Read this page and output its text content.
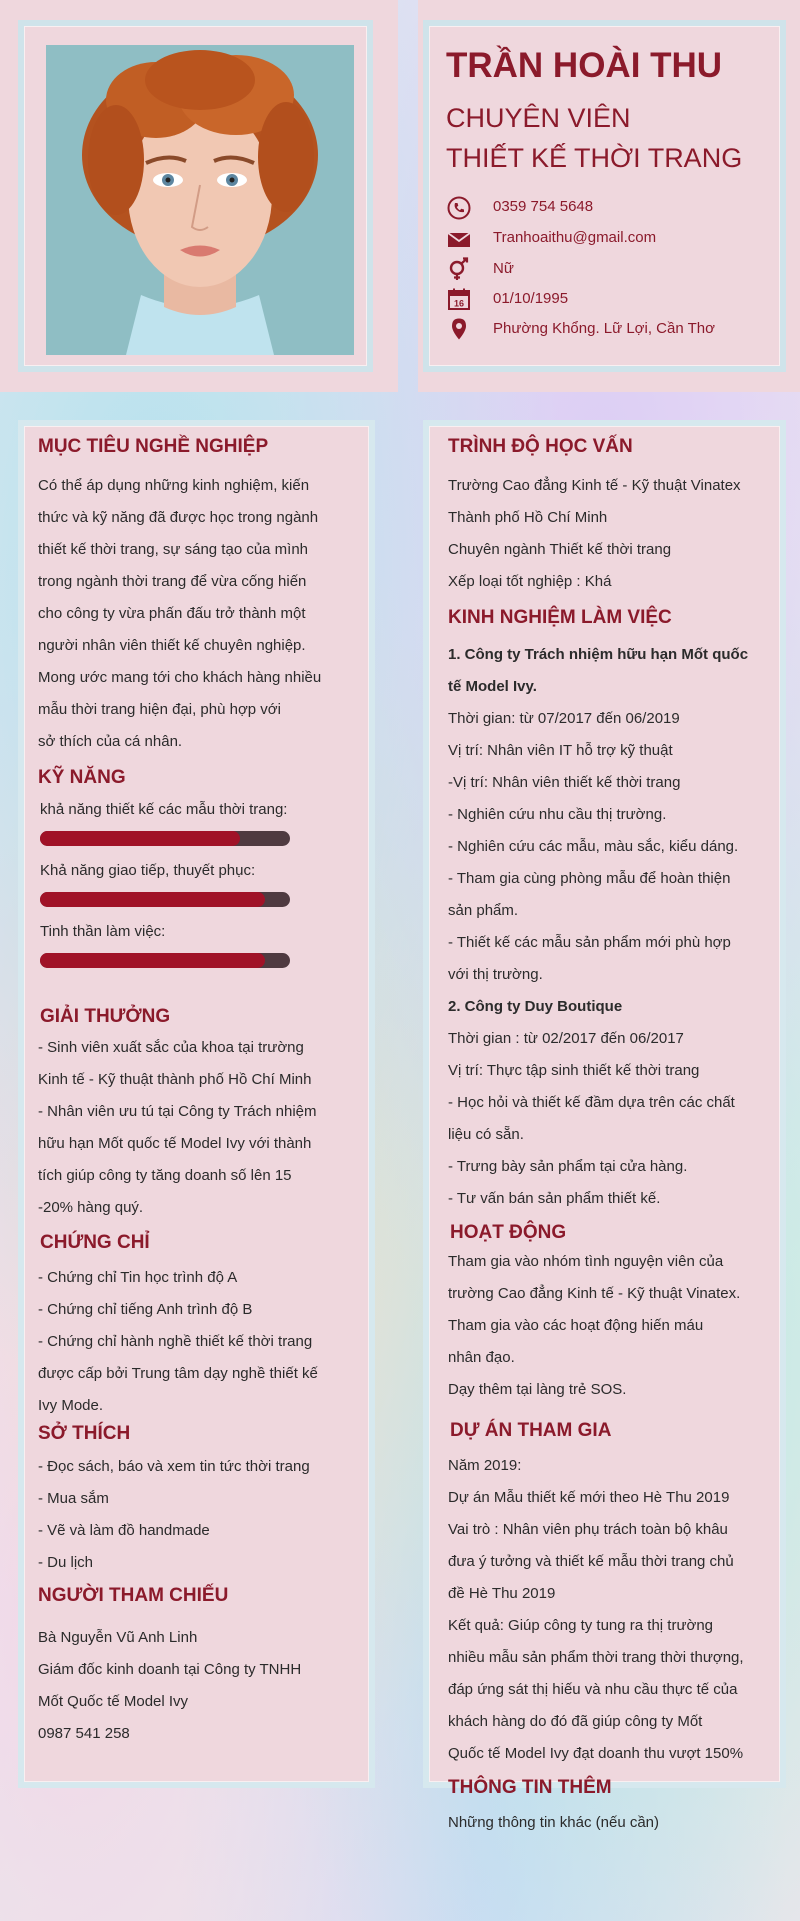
TRẦN HOÀI THU
CHUYÊN VIÊN
THIẾT KẾ THỜI TRANG
0359 754 5648
Tranhoaithu@gmail.com
Nữ
16 01/10/1995
Phường Khổng. Lữ Lợi, Cần Thơ
MỤC TIÊU NGHỀ NGHIỆP
Có thể áp dụng những kinh nghiệm, kiến
thức và kỹ năng đã được học trong ngành
thiết kế thời trang, sự sáng tạo của mình
trong ngành thời trang để vừa cống hiến
cho công ty vừa phấn đấu trở thành một
người nhân viên thiết kế chuyên nghiệp.
Mong ước mang tới cho khách hàng nhiều
mẫu thời trang hiện đại, phù hợp với
sở thích của cá nhân.
KỸ NĂNG
khả năng thiết kế các mẫu thời trang:
Khả năng giao tiếp, thuyết phục:
Tinh thần làm việc:
GIẢI THƯỞNG
- Sinh viên xuất sắc của khoa tại trường
Kinh tế - Kỹ thuật thành phố Hồ Chí Minh
- Nhân viên ưu tú tại Công ty Trách nhiệm
hữu hạn Mốt quốc tế Model Ivy với thành
tích giúp công ty tăng doanh số lên 15
-20% hàng quý.
CHỨNG CHỈ
- Chứng chỉ Tin học trình độ A
- Chứng chỉ tiếng Anh trình độ B
- Chứng chỉ hành nghề thiết kế thời trang
được cấp bởi Trung tâm dạy nghề thiết kế
Ivy Mode.
SỞ THÍCH
- Đọc sách, báo và xem tin tức thời trang
- Mua sắm
- Vẽ và làm đồ handmade
- Du lịch
NGƯỜI THAM CHIẾU
Bà Nguyễn Vũ Anh Linh
Giám đốc kinh doanh tại Công ty TNHH
Mốt Quốc tế Model Ivy
0987 541 258
TRÌNH ĐỘ HỌC VẤN
Trường Cao đẳng Kinh tế - Kỹ thuật Vinatex
Thành phố Hồ Chí Minh
Chuyên ngành Thiết kế thời trang
Xếp loại tốt nghiệp : Khá
KINH NGHIỆM LÀM VIỆC
1. Công ty Trách nhiệm hữu hạn Mốt quốc
tế Model Ivy.
Thời gian: từ 07/2017 đến 06/2019
Vị trí: Nhân viên IT hỗ trợ kỹ thuật
-Vị trí: Nhân viên thiết kế thời trang
- Nghiên cứu nhu cầu thị trường.
- Nghiên cứu các mẫu, màu sắc, kiểu dáng.
- Tham gia cùng phòng mẫu để hoàn thiện
sản phẩm.
- Thiết kế các mẫu sản phẩm mới phù hợp
với thị trường.
2. Công ty Duy Boutique
Thời gian : từ 02/2017 đến 06/2017
Vị trí: Thực tập sinh thiết kế thời trang
- Học hỏi và thiết kế đầm dựa trên các chất
liệu có sẵn.
- Trưng bày sản phẩm tại cửa hàng.
- Tư vấn bán sản phẩm thiết kế.
HOẠT ĐỘNG
Tham gia vào nhóm tình nguyện viên của
trường Cao đẳng Kinh tế - Kỹ thuật Vinatex.
Tham gia vào các hoạt động hiến máu
nhân đạo.
Dạy thêm tại làng trẻ SOS.
DỰ ÁN THAM GIA
Năm 2019:
Dự án Mẫu thiết kế mới theo Hè Thu 2019
Vai trò : Nhân viên phụ trách toàn bộ khâu
đưa ý tưởng và thiết kế mẫu thời trang chủ
đề Hè Thu 2019
Kết quả: Giúp công ty tung ra thị trường
nhiều mẫu sản phẩm thời trang thời thượng,
đáp ứng sát thị hiếu và nhu cầu thực tế của
khách hàng do đó đã giúp công ty Mốt
Quốc tế Model Ivy đạt doanh thu vượt 150%
THÔNG TIN THÊM
Những thông tin khác (nếu cần)
